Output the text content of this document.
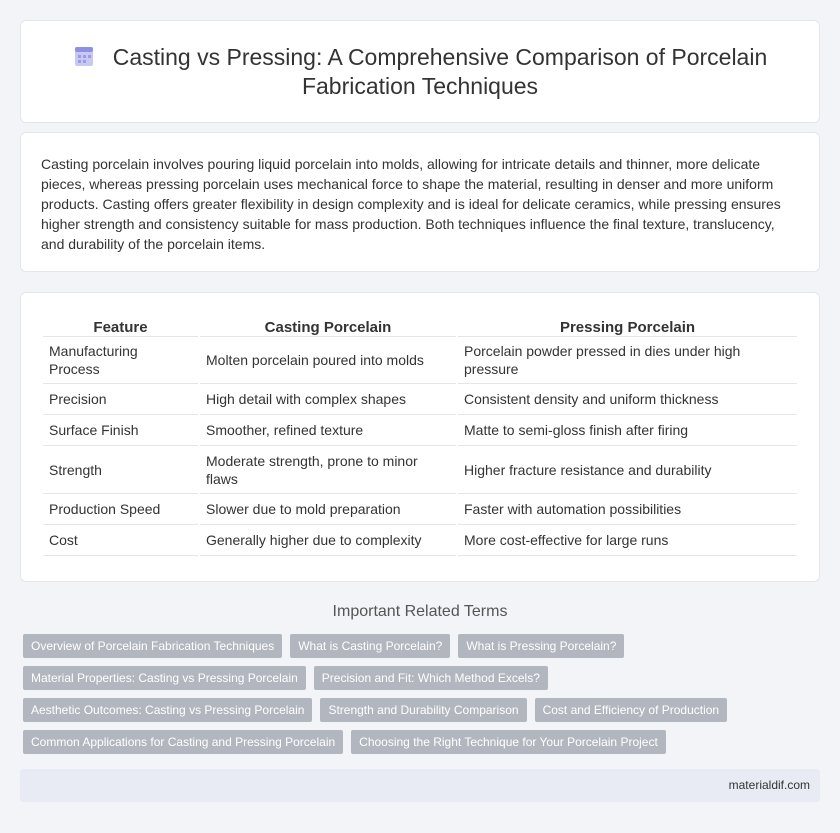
Casting vs Pressing: A Comprehensive Comparison of Porcelain
Fabrication Techniques

Casting porcelain involves pouring liquid porcelain into molds, allowing for intricate details and thinner, more delicate pieces, whereas pressing porcelain uses mechanical force to shape the material, resulting in denser and more uniform products. Casting offers greater flexibility in design complexity and is ideal for delicate ceramics, while pressing ensures higher strength and consistency suitable for mass production. Both techniques influence the final texture, translucency, and durability of the porcelain items.

Feature	Casting Porcelain	Pressing Porcelain
Manufacturing Process	Molten porcelain poured into molds	Porcelain powder pressed in dies under high pressure
Precision	High detail with complex shapes	Consistent density and uniform thickness
Surface Finish	Smoother, refined texture	Matte to semi-gloss finish after firing
Strength	Moderate strength, prone to minor flaws	Higher fracture resistance and durability
Production Speed	Slower due to mold preparation	Faster with automation possibilities
Cost	Generally higher due to complexity	More cost-effective for large runs
Important Related Terms
Overview of Porcelain Fabrication Techniques	What is Casting Porcelain?	What is Pressing Porcelain?
Material Properties: Casting vs Pressing Porcelain	Precision and Fit: Which Method Excels?
Aesthetic Outcomes: Casting vs Pressing Porcelain	Strength and Durability Comparison	Cost and Efficiency of Production
Common Applications for Casting and Pressing Porcelain	Choosing the Right Technique for Your Porcelain Project
materialdif.com
